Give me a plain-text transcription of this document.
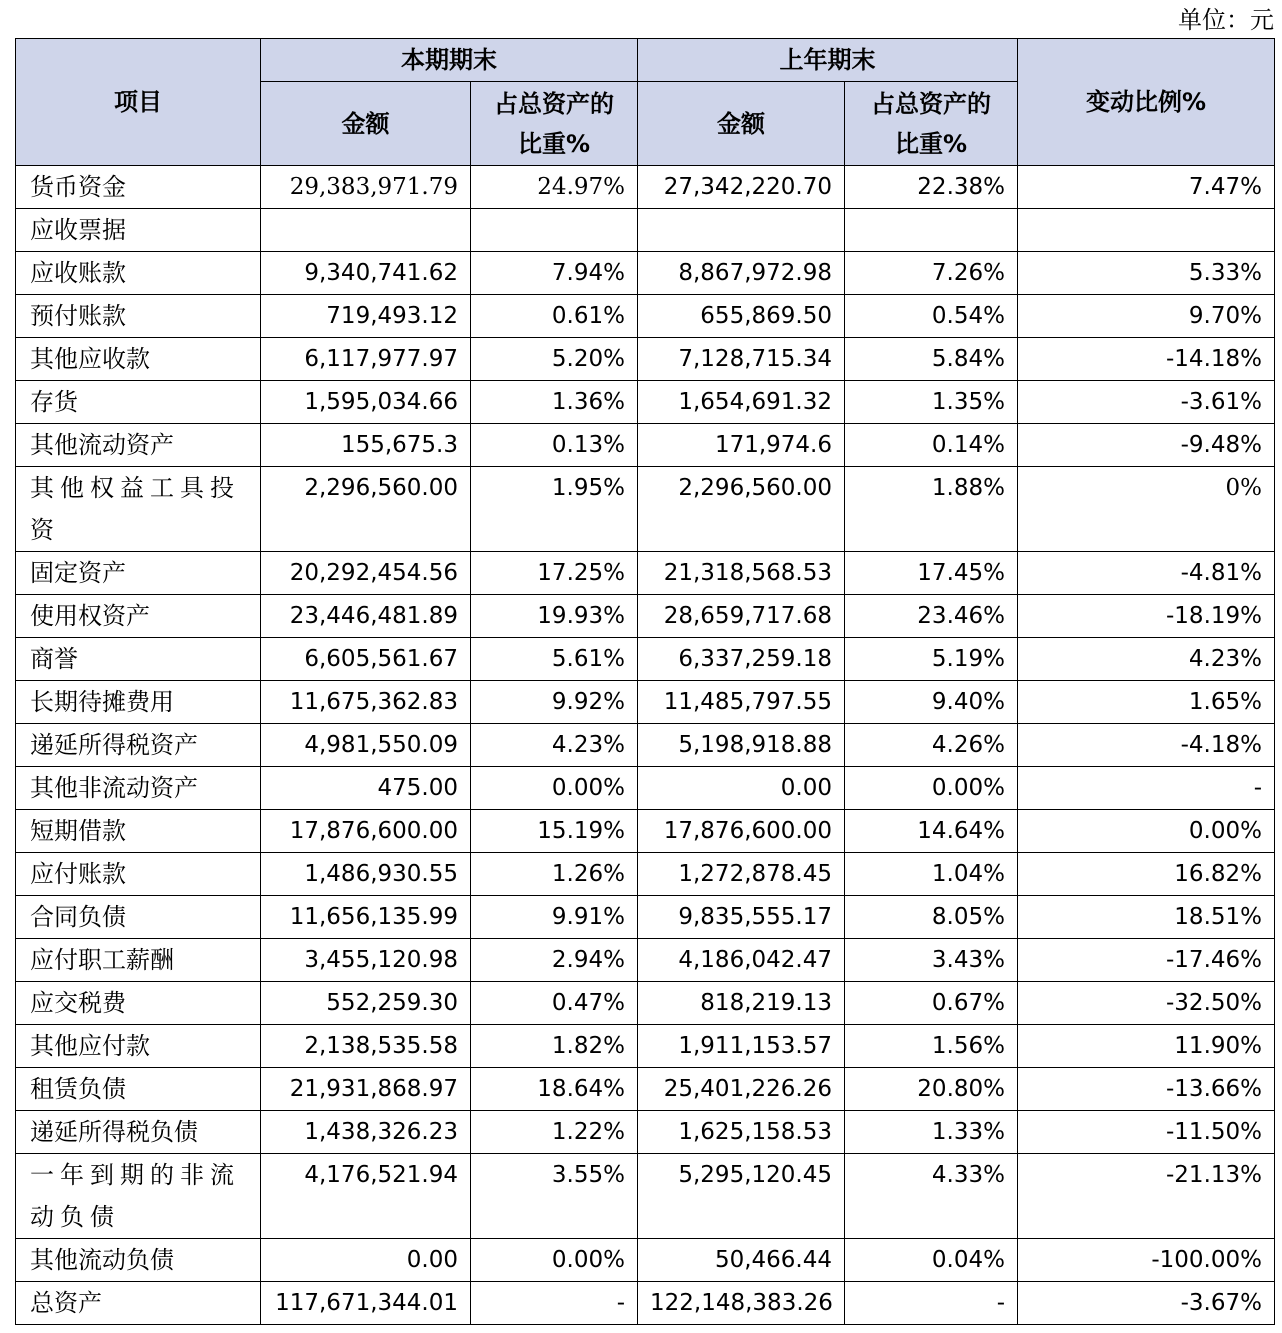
单位：元
项目	本期期末		上年期末		变动比例%
	金额	占总资产的比重%	金额	占总资产的比重%	
货币资金	29,383,971.79	24.97%	27,342,220.70	22.38%	7.47%
应收票据					
应收账款	9,340,741.62	7.94%	8,867,972.98	7.26%	5.33%
预付账款	719,493.12	0.61%	655,869.50	0.54%	9.70%
其他应收款	6,117,977.97	5.20%	7,128,715.34	5.84%	-14.18%
存货	1,595,034.66	1.36%	1,654,691.32	1.35%	-3.61%
其他流动资产	155,675.3	0.13%	171,974.6	0.14%	-9.48%
其他权益工具投资	2,296,560.00	1.95%	2,296,560.00	1.88%	0%
固定资产	20,292,454.56	17.25%	21,318,568.53	17.45%	-4.81%
使用权资产	23,446,481.89	19.93%	28,659,717.68	23.46%	-18.19%
商誉	6,605,561.67	5.61%	6,337,259.18	5.19%	4.23%
长期待摊费用	11,675,362.83	9.92%	11,485,797.55	9.40%	1.65%
递延所得税资产	4,981,550.09	4.23%	5,198,918.88	4.26%	-4.18%
其他非流动资产	475.00	0.00%	0.00	0.00%	-
短期借款	17,876,600.00	15.19%	17,876,600.00	14.64%	0.00%
应付账款	1,486,930.55	1.26%	1,272,878.45	1.04%	16.82%
合同负债	11,656,135.99	9.91%	9,835,555.17	8.05%	18.51%
应付职工薪酬	3,455,120.98	2.94%	4,186,042.47	3.43%	-17.46%
应交税费	552,259.30	0.47%	818,219.13	0.67%	-32.50%
其他应付款	2,138,535.58	1.82%	1,911,153.57	1.56%	11.90%
租赁负债	21,931,868.97	18.64%	25,401,226.26	20.80%	-13.66%
递延所得税负债	1,438,326.23	1.22%	1,625,158.53	1.33%	-11.50%
一年到期的非流动负债	4,176,521.94	3.55%	5,295,120.45	4.33%	-21.13%
其他流动负债	0.00	0.00%	50,466.44	0.04%	-100.00%
总资产	117,671,344.01	-	122,148,383.26	-	-3.67%
